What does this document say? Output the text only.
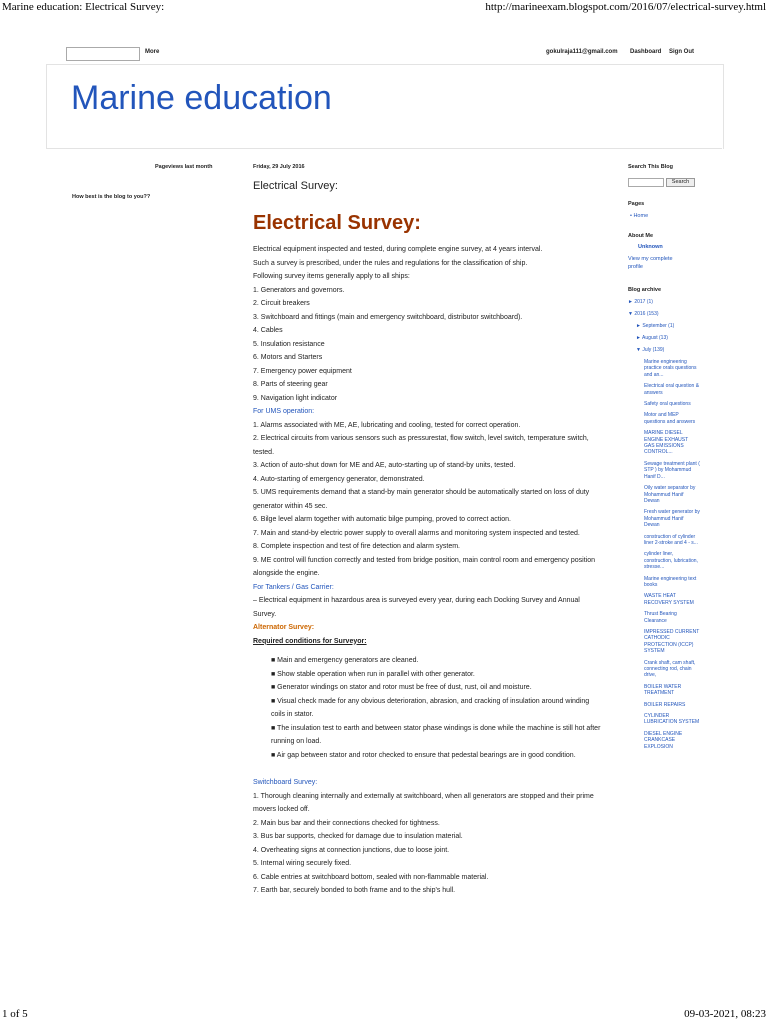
Marine education: Electrical Survey:	http://marineexam.blogspot.com/2016/07/electrical-survey.html
More	gokulraja111@gmail.com Dashboard Sign Out
Marine education
Pageviews last month
How best is the blog to you??

Friday, 29 July 2016

Electrical Survey:

Electrical Survey:

Electrical equipment inspected and tested, during complete engine survey, at 4 years interval.

Such a survey is prescribed, under the rules and regulations for the classification of ship.

Following survey items generally apply to all ships:

1. Generators and governors.

2. Circuit breakers

3. Switchboard and fittings (main and emergency switchboard, distributor switchboard).

4. Cables

5. Insulation resistance

6. Motors and Starters

7. Emergency power equipment

8. Parts of steering gear

9. Navigation light indicator

For UMS operation:

1. Alarms associated with ME, AE, lubricating and cooling, tested for correct operation.

2. Electrical circuits from various sensors such as pressurestat, flow switch, level switch, temperature switch, tested.

3. Action of auto-shut down for ME and AE, auto-starting up of stand-by units, tested.

4. Auto-starting of emergency generator, demonstrated.

5. UMS requirements demand that a stand-by main generator should be automatically started on loss of duty generator within 45 sec.

6. Bilge level alarm together with automatic bilge pumping, proved to correct action.

7. Main and stand-by electric power supply to overall alarms and monitoring system inspected and tested.

8. Complete inspection and test of fire detection and alarm system.

9. ME control will function correctly and tested from bridge position, main control room and emergency position alongside the engine.

For Tankers / Gas Carrier:

– Electrical equipment in hazardous area is surveyed every year, during each Docking Survey and Annual Survey.

Alternator Survey:

Required conditions for Surveyor:

■ Main and emergency generators are cleaned.

■ Show stable operation when run in parallel with other generator.

■ Generator windings on stator and rotor must be free of dust, rust, oil and moisture.

■ Visual check made for any obvious deterioration, abrasion, and cracking of insulation around winding coils in stator.

■ The insulation test to earth and between stator phase windings is done while the machine is still hot after running on load.

■ Air gap between stator and rotor checked to ensure that pedestal bearings are in good condition.

Switchboard Survey:

1. Thorough cleaning internally and externally at switchboard, when all generators are stopped and their prime movers locked off.

2. Main bus bar and their connections checked for tightness.

3. Bus bar supports, checked for damage due to insulation material.

4. Overheating signs at connection junctions, due to loose joint.

5. Internal wiring securely fixed.

6. Cable entries at switchboard bottom, sealed with non-flammable material.

7. Earth bar, securely bonded to both frame and to the ship's hull.

Search This Blog
Search
Pages
• Home
About Me
Unknown
View my complete profile
Blog archive
► 2017 (1)
▼ 2016 (153)
► September (1)
► August (13)
▼ July (139)
Marine engineering practice orals questions and an...
Electrical oral question & answers
Safety oral questions
Motor and MEP questions and answers
MARINE DIESEL ENGINE EXHAUST GAS EMISSIONS CONTROL...
Sewage treatment plant ( STP ) by Mohammud Hanif D...
Oily water separator by Mohammud Hanif Dewan
Fresh water generator by Mohammud Hanif Dewan
construction of cylinder liner 2-stroke and 4 - s...
cylinder liner, construction, lubrication, stresse...
Marine engineering text books
WASTE HEAT RECOVERY SYSTEM
Thrust Bearing Clearance
IMPRESSED CURRENT CATHODIC PROTECTION (ICCP) SYSTEM
Crank shaft, cam shaft, connecting rod, chain drive,
BOILER WATER TREATMENT
BOILER REPAIRS
CYLINDER LUBRICATION SYSTEM
DIESEL ENGINE CRANKCASE EXPLOSION
1 of 5	09-03-2021, 08:23
